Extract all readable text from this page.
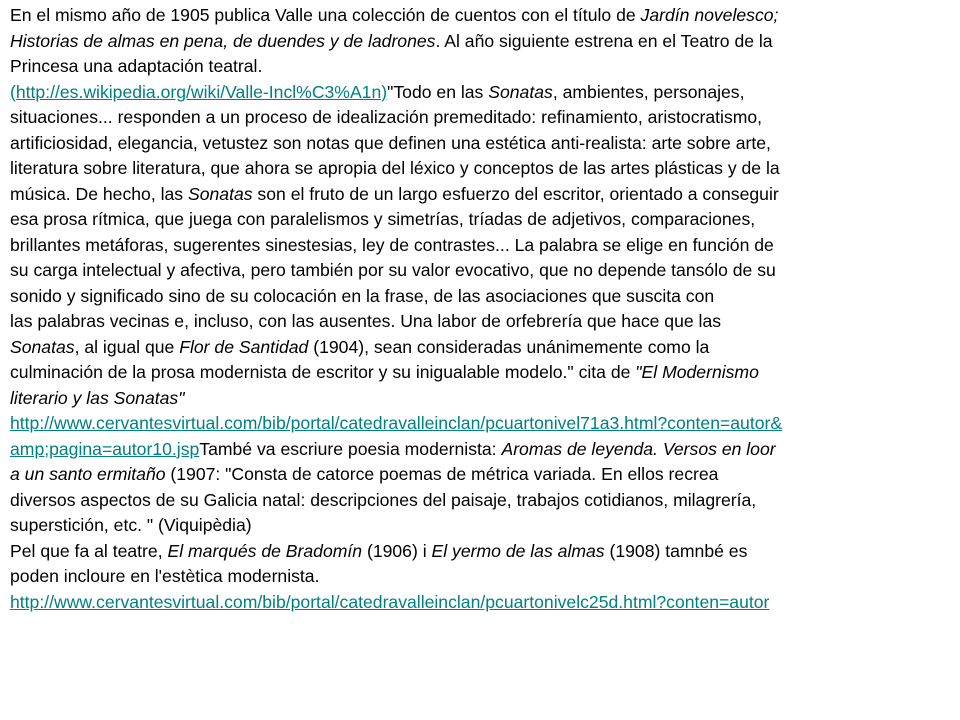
En el mismo año de 1905 publica Valle una colección de cuentos con el título de Jardín novelesco;
Historias de almas en pena, de duendes y de ladrones. Al año siguiente estrena en el Teatro de la
Princesa una adaptación teatral.
(http://es.wikipedia.org/wiki/Valle-Incl%C3%A1n)"Todo en las Sonatas, ambientes, personajes,
situaciones... responden a un proceso de idealización premeditado: refinamiento, aristocratismo,
artificiosidad, elegancia, vetustez son notas que definen una estética anti-realista: arte sobre arte,
literatura sobre literatura, que ahora se apropia del léxico y conceptos de las artes plásticas y de la
música. De hecho, las Sonatas son el fruto de un largo esfuerzo del escritor, orientado a conseguir
esa prosa rítmica, que juega con paralelismos y simetrías, tríadas de adjetivos, comparaciones,
brillantes metáforas, sugerentes sinestesias, ley de contrastes... La palabra se elige en función de
su carga intelectual y afectiva, pero también por su valor evocativo, que no depende tansólo de su
sonido y significado sino de su colocación en la frase, de las asociaciones que suscita con
las palabras vecinas e, incluso, con las ausentes. Una labor de orfebrería que hace que las
Sonatas, al igual que Flor de Santidad (1904), sean consideradas unánimemente como la
culminación de la prosa modernista de escritor y su inigualable modelo." cita de "El Modernismo
literario y las Sonatas"
http://www.cervantesvirtual.com/bib/portal/catedravalleinclan/pcuartonivel71a3.html?conten=autor&
amp;pagina=autor10.jspTambé va escriure poesia modernista: Aromas de leyenda. Versos en loor
a un santo ermitaño (1907: "Consta de catorce poemas de métrica variada. En ellos recrea
diversos aspectos de su Galicia natal: descripciones del paisaje, trabajos cotidianos, milagrería,
superstición, etc. " (Viquipèdia)
Pel que fa al teatre, El marqués de Bradomín (1906) i El yermo de las almas (1908) tamnbé es
poden incloure en l'estètica modernista.
http://www.cervantesvirtual.com/bib/portal/catedravalleinclan/pcuartonivelc25d.html?conten=autor
